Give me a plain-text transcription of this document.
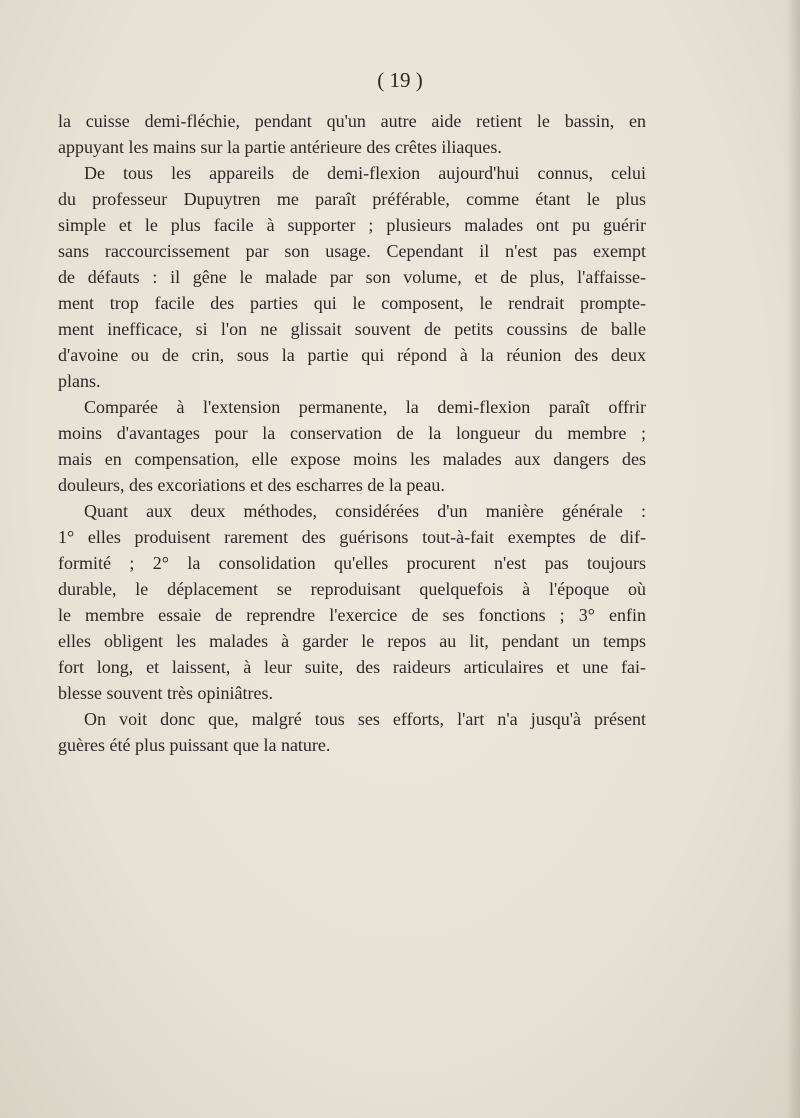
( 19 )
la cuisse demi-fléchie, pendant qu'un autre aide retient le bassin, en
appuyant les mains sur la partie antérieure des crêtes iliaques.
De tous les appareils de demi-flexion aujourd'hui connus, celui
du professeur Dupuytren me paraît préférable, comme étant le plus
simple et le plus facile à supporter ; plusieurs malades ont pu guérir
sans raccourcissement par son usage. Cependant il n'est pas exempt
de défauts : il gêne le malade par son volume, et de plus, l'affaisse-
ment trop facile des parties qui le composent, le rendrait prompte-
ment inefficace, si l'on ne glissait souvent de petits coussins de balle
d'avoine ou de crin, sous la partie qui répond à la réunion des deux
plans.
Comparée à l'extension permanente, la demi-flexion paraît offrir
moins d'avantages pour la conservation de la longueur du membre ;
mais en compensation, elle expose moins les malades aux dangers des
douleurs, des excoriations et des escharres de la peau.
Quant aux deux méthodes, considérées d'un manière générale :
1° elles produisent rarement des guérisons tout-à-fait exemptes de dif-
formité ; 2° la consolidation qu'elles procurent n'est pas toujours
durable, le déplacement se reproduisant quelquefois à l'époque où
le membre essaie de reprendre l'exercice de ses fonctions ; 3° enfin
elles obligent les malades à garder le repos au lit, pendant un temps
fort long, et laissent, à leur suite, des raideurs articulaires et une fai-
blesse souvent très opiniâtres.
On voit donc que, malgré tous ses efforts, l'art n'a jusqu'à présent
guères été plus puissant que la nature.
